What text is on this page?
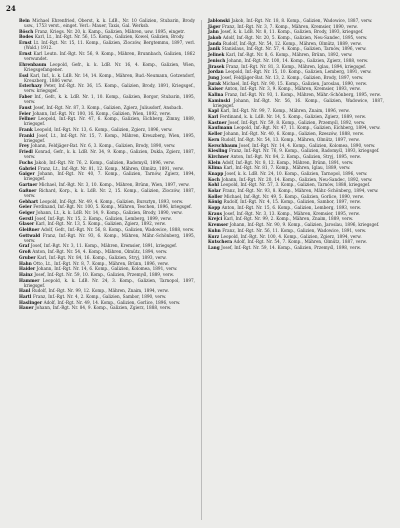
24

Bein Michael Ehrenfried, Oberst, k. k. LdB., Nr. 10 Galizien, Stubarin, Brody usw., 1753 verst., einget. Verl.: Mauer, Taxis, Gal. Werksb.

Bösch Franz, Kriegs. Nr. 20, k. Kamp., Galizien, Mähren, usw. 1895, eingetr.

Bodes Karl, Lt., Inf.-Rgt. Nr. 56, 15. Komp., Galizien, Kowel, Galizien, Brody.

Ernst Lt. Inf.-Rgt. Nr. 15, 11. Komp., Galizien, Zloczów, Bergtemmu, 1897, verl. (Wald.) 1912.

Ernst Karl Leutn. Inf.-Rgt. Nr. 56, 9. Komp., Mähren, Brunnbach, Galizien, 1862 verwundet.

Ehrenbaum Leopold, Gefr., k. k. LdB. Nr. 16, 4. Komp., Galizien, Wien, Kriegsgefangener.

Essl Karl, Inf., k. k. LdB. Nr. 14, 14. Komp., Mähren, Rud.-Neumann, Gotzendorf, Kreuzberg, 1886 verw.

Esterhazy Peter, Inf.-Rgt. Nr. 36, 15. Komp., Galizien, Brody, 1891, Kriegsgef., verw. kriegsgef.

Faber Inf., Gefr., k. k. LdB. Nr. 1, 10. Komp., Galizien, Borgor, Stubarin, 1895, verw.

Faust Josef, Inf.-Rgt. Nr. 87, 3. Komp., Galizien, Zgierz, Juliusdorf, Ansbach.

Feier Johann, Inf.-Rgt. Nr. 100, 16. Komp., Galizien, Wien, 1892, verw.

Fellner Leopold, Inf.-Rgt. Nr. 47, 6. Komp., Galizien, Eichberg, Zimny, 1889, kriegsgef.

Frank Leopold, Inf.-Rgt. Nr. 13, 6. Komp., Galizien, Zgierz, 1896, verw.

Frankl Josef, Lt., Inf.-Rgt. Nr. 15, 7. Komp., Mähren, Kreuzberg, Wien, 1895, kriegsgef.

Frey Johann, Feldjäger-Bat. Nr. 6, 3. Komp., Galizien, Brody, 1890, verw.

Friedl Konrad, Gefr., k. k. LdB. Nr. 34, 9. Komp., Galizien, Dukla, Zgierz, 1887, verw.

Fuchs Jakob, Inf.-Rgt. Nr. 76, 2. Komp., Galizien, Radomyśl, 1896, verw.

Gabriel Franz, Lt., Inf.-Rgt. Nr. 81, 12. Komp., Mähren, Olmütz, 1891, verw.

Gaiger Johann, Inf.-Rgt. Nr. 40, 7. Komp., Galizien, Tarnów, Zgierz, 1894, kriegsgef.

Gartner Michael, Inf.-Rgt. Nr. 3, 10. Komp., Mähren, Brünn, Wien, 1897, verw.

Gaßner Richard, Korp., k. k. LdB. Nr. 2, 15. Komp., Galizien, Zloczów, 1887, verw.

Gebhart Leopold, Inf.-Rgt. Nr. 49, 4. Komp., Galizien, Bursztyn, 1893, verw.

Geier Ferdinand, Inf.-Rgt. Nr. 100, 5. Komp., Mähren, Teschen, 1896, kriegsgef.

Geiger Johann, Lt., k. k. LdB. Nr. 14, 9. Komp., Galizien, Brody, 1890, verw.

Gerstl Josef, Inf.-Rgt. Nr. 15, 2. Komp., Galizien, Lemberg, 1899, verw.

Glaser Karl, Inf.-Rgt. Nr. 13, 5. Komp., Galizien, Zgierz, 1892, verw.

Gleißner Adolf, Gefr., Inf.-Rgt. Nr. 56, 8. Komp., Galizien, Wadowice, 1888, verw.

Gottwald Franz, Inf.-Rgt. Nr. 93, 6. Komp., Mähren, Mähr.-Schönberg, 1895, verw.

Graf Josef, Inf.-Rgt. Nr. 3, 11. Komp., Mähren, Kremsier, 1891, kriegsgef.

Groß Anton, Inf.-Rgt. Nr. 54, 4. Komp., Mähren, Olmütz, 1894, verw.

Gruber Karl, Inf.-Rgt. Nr. 84, 16. Komp., Galizien, Stryj, 1893, verw.

Hahn Otto, Lt., Inf.-Rgt. Nr. 8, 7. Komp., Mähren, Brünn, 1896, verw.

Haider Johann, Inf.-Rgt. Nr. 14, 6. Komp., Galizien, Kolomea, 1891, verw.

Hainz Josef, Inf.-Rgt. Nr. 59, 10. Komp., Galizien, Przemyśl, 1889, verw.

Hammer Leopold, k. k. LdB. Nr. 24, 3. Komp., Galizien, Tarnopol, 1897, kriegsgef.

Hanl Rudolf, Inf.-Rgt. Nr. 99, 12. Komp., Mähren, Znaim, 1894, verw.

Hartl Franz, Inf.-Rgt. Nr. 4, 2. Komp., Galizien, Sambor, 1890, verw.

Haslinger Adolf, Inf.-Rgt. Nr. 49, 14. Komp., Galizien, Gorlice, 1896, verw.

Hauer Johann, Inf.-Rgt. Nr. 84, 9. Komp., Galizien, Zgierz, 1888, verw.

Jablonski Jakob, Inf.-Rgt. Nr. 18, 8. Komp., Galizien, Wadowice, 1887, verw.

Jäger Franz, Inf.-Rgt. Nr. 3, 7. Komp., Mähren, Kremsier, 1890, verw.

Jahn Josef, k. k. LdB. Nr. 8, 11. Komp., Galizien, Brody, 1893, kriegsgef.

Jakob Adolf, Inf.-Rgt. Nr. 20, 5. Komp., Galizien, Neu-Sandec, 1895, verw.

Janda Rudolf, Inf.-Rgt. Nr. 54, 12. Komp., Mähren, Olmütz, 1889, verw.

Janik Stanislaus, Inf.-Rgt. Nr. 57, 4. Komp., Galizien, Tarnów, 1896, verw.

Jelinek Karl, Inf.-Rgt. Nr. 8, 6. Komp., Mähren, Brünn, 1892, verw.

Jenisch Johann, Inf.-Rgt. Nr. 100, 14. Komp., Galizien, Zgierz, 1888, verw.

Jirasek Franz, Inf.-Rgt. Nr. 81, 3. Komp., Mähren, Iglau, 1894, kriegsgef.

Jordan Leopold, Inf.-Rgt. Nr. 15, 10. Komp., Galizien, Lemberg, 1891, verw.

Jung Josef, Feldjäger-Bat. Nr. 13, 2. Komp., Galizien, Brody, 1897, verw.

Jurak Michael, Inf.-Rgt. Nr. 90, 15. Komp., Galizien, Jaroslau, 1890, verw.

Kaiser Anton, Inf.-Rgt. Nr. 3, 9. Komp., Mähren, Kremsier, 1893, verw.

Kalina Franz, Inf.-Rgt. Nr. 93, 1. Komp., Mähren, Mähr.-Schönberg, 1895, verw.

Kaminski Johann, Inf.-Rgt. Nr. 56, 16. Komp., Galizien, Wadowice, 1887, kriegsgef.

Kapl Karl, Inf.-Rgt. Nr. 99, 7. Komp., Mähren, Znaim, 1896, verw.

Karl Ferdinand, k. k. LdB. Nr. 14, 5. Komp., Galizien, Zgierz, 1889, verw.

Kastner Josef, Inf.-Rgt. Nr. 59, 8. Komp., Galizien, Przemyśl, 1892, verw.

Kaufmann Leopold, Inf.-Rgt. Nr. 47, 11. Komp., Galizien, Eichberg, 1894, verw.

Keller Johann, Inf.-Rgt. Nr. 40, 6. Komp., Galizien, Rzeszów, 1888, verw.

Kern Rudolf, Inf.-Rgt. Nr. 54, 13. Komp., Mähren, Olmütz, 1897, verw.

Kerschbaum Josef, Inf.-Rgt. Nr. 14, 4. Komp., Galizien, Kolomea, 1890, verw.

Kiesling Franz, Inf.-Rgt. Nr. 76, 9. Komp., Galizien, Radomyśl, 1893, kriegsgef.

Kirchner Anton, Inf.-Rgt. Nr. 84, 2. Komp., Galizien, Stryj, 1895, verw.

Klein Adolf, Inf.-Rgt. Nr. 8, 12. Komp., Mähren, Brünn, 1891, verw.

Klima Karl, Inf.-Rgt. Nr. 81, 7. Komp., Mähren, Iglau, 1889, verw.

Knapp Josef, k. k. LdB. Nr. 24, 10. Komp., Galizien, Tarnopol, 1896, verw.

Koch Johann, Inf.-Rgt. Nr. 20, 14. Komp., Galizien, Neu-Sandec, 1892, verw.

Kohl Leopold, Inf.-Rgt. Nr. 57, 3. Komp., Galizien, Tarnów, 1888, kriegsgef.

Kolar Franz, Inf.-Rgt. Nr. 93, 8. Komp., Mähren, Mähr.-Schönberg, 1894, verw.

Koller Michael, Inf.-Rgt. Nr. 49, 5. Komp., Galizien, Gorlice, 1890, verw.

König Rudolf, Inf.-Rgt. Nr. 4, 15. Komp., Galizien, Sambor, 1897, verw.

Kopp Anton, Inf.-Rgt. Nr. 15, 6. Komp., Galizien, Lemberg, 1893, verw.

Kraus Josef, Inf.-Rgt. Nr. 3, 13. Komp., Mähren, Kremsier, 1895, verw.

Krejci Karl, Inf.-Rgt. Nr. 99, 2. Komp., Mähren, Znaim, 1889, verw.

Kremser Johann, Inf.-Rgt. Nr. 90, 9. Komp., Galizien, Jaroslau, 1896, kriegsgef.

Kuhn Franz, Inf.-Rgt. Nr. 56, 11. Komp., Galizien, Wadowice, 1891, verw.

Kurz Leopold, Inf.-Rgt. Nr. 100, 4. Komp., Galizien, Zgierz, 1894, verw.

Kutschera Adolf, Inf.-Rgt. Nr. 54, 7. Komp., Mähren, Olmütz, 1887, verw.

Lang Josef, Inf.-Rgt. Nr. 59, 14. Komp., Galizien, Przemyśl, 1898, verw.
